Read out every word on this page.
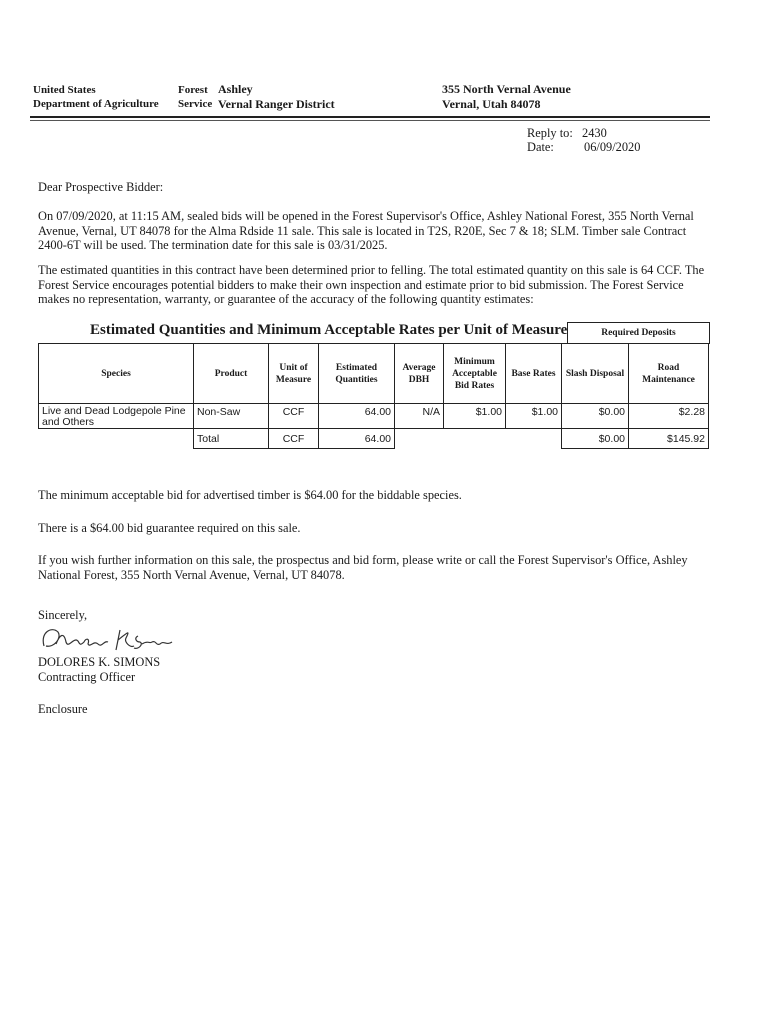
United States
Department of Agriculture
Forest
Service
Ashley
Vernal Ranger District
355 North Vernal Avenue
Vernal, Utah 84078
Reply to: 2430
Date: 06/09/2020
Dear Prospective Bidder:
On 07/09/2020, at 11:15 AM, sealed bids will be opened in the Forest Supervisor's Office, Ashley National Forest, 355 North Vernal Avenue, Vernal, UT 84078 for the Alma Rdside 11 sale. This sale is located in T2S, R20E, Sec 7 & 18; SLM. Timber sale Contract 2400-6T will be used. The termination date for this sale is 03/31/2025.
The estimated quantities in this contract have been determined prior to felling. The total estimated quantity on this sale is 64 CCF. The Forest Service encourages potential bidders to make their own inspection and estimate prior to bid submission. The Forest Service makes no representation, warranty, or guarantee of the accuracy of the following quantity estimates:
Estimated Quantities and Minimum Acceptable Rates per Unit of Measure	Required Deposits
Species	Product	Unit of Measure	Estimated Quantities	Average DBH	Minimum Acceptable Bid Rates	Base Rates	Slash Disposal	Road Maintenance
Live and Dead Lodgepole Pine and Others	Non-Saw	CCF	64.00	N/A	$1.00	$1.00	$0.00	$2.28
	Total	CCF	64.00				$0.00	$145.92
The minimum acceptable bid for advertised timber is $64.00 for the biddable species.
There is a $64.00 bid guarantee required on this sale.
If you wish further information on this sale, the prospectus and bid form, please write or call the Forest Supervisor's Office, Ashley National Forest, 355 North Vernal Avenue, Vernal, UT 84078.
Sincerely,
DOLORES K. SIMONS
Contracting Officer
Enclosure
